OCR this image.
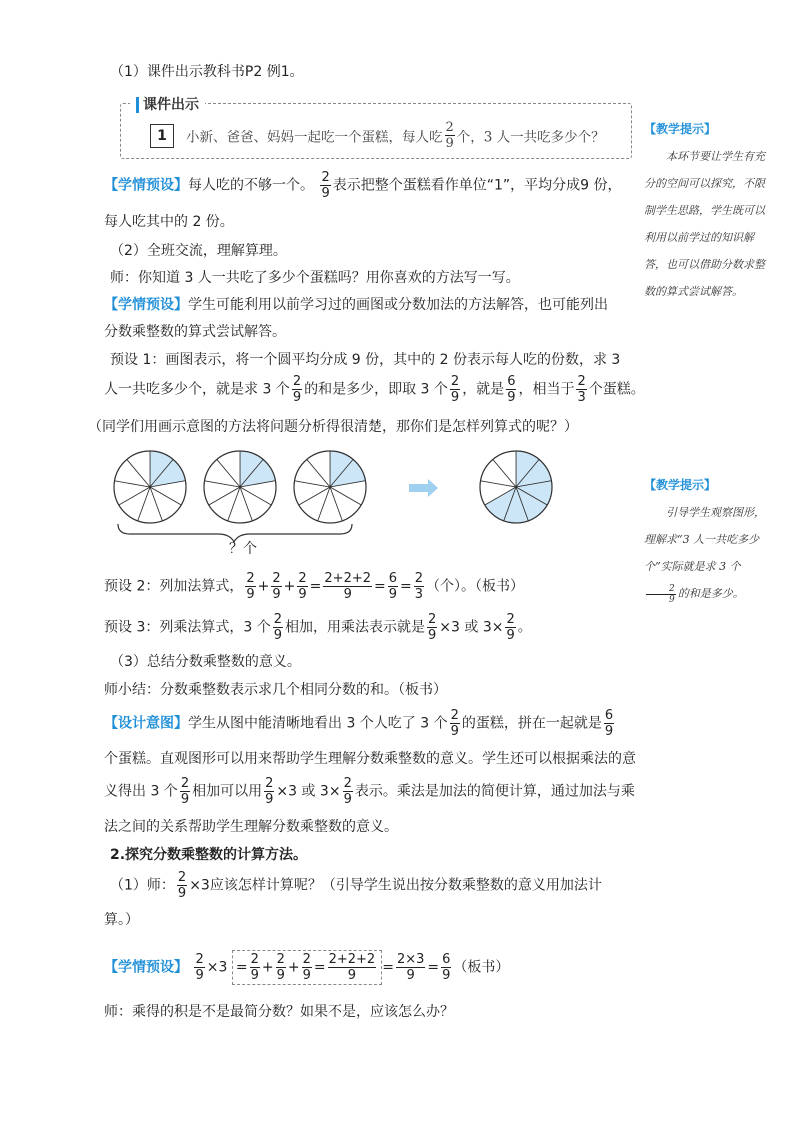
（1）课件出示教科书P2 例1。
课件出示
1	小新、爸爸、妈妈一起吃一个蛋糕，每人吃 $\frac{2}{9}$ 个，3 人一共吃多少个？
【学情预设】每人吃的不够一个。 $\frac{2}{9}$ 表示把整个蛋糕看作单位“1”，平均分成9 份，
每人吃其中的 2 份。
（2）全班交流，理解算理。
师：你知道 3 人一共吃了多少个蛋糕吗？用你喜欢的方法写一写。
【学情预设】学生可能利用以前学习过的画图或分数加法的方法解答，也可能列出
分数乘整数的算式尝试解答。
预设 1：画图表示，将一个圆平均分成 9 份，其中的 2 份表示每人吃的份数，求 3
人一共吃多少个，就是求 3 个 $\frac{2}{9}$ 的和是多少，即取 3 个 $\frac{2}{9}$ ，就是 $\frac{6}{9}$ ，相当于 $\frac{2}{3}$ 个蛋糕。
（同学们用画示意图的方法将问题分析得很清楚，那你们是怎样列算式的呢？）
？个
预设 2：列加法算式， $\frac{2}{9} + \frac{2}{9} + \frac{2}{9} = \frac{2+2+2}{9} = \frac{6}{9} = \frac{2}{3}$ （个）。（板书）
预设 3：列乘法算式，3 个 $\frac{2}{9}$ 相加，用乘法表示就是 $\frac{2}{9} \times 3$ 或 $3\times \frac{2}{9}$ 。
（3）总结分数乘整数的意义。
师小结：分数乘整数表示求几个相同分数的和。（板书）
【设计意图】学生从图中能清晰地看出 3 个人吃了 3 个 $\frac{2}{9}$ 的蛋糕，拼在一起就是 $\frac{6}{9}$
个蛋糕。直观图形可以用来帮助学生理解分数乘整数的意义。学生还可以根据乘法的意
义得出 3 个 $\frac{2}{9}$ 相加可以用 $\frac{2}{9} \times 3$ 或 $3\times \frac{2}{9}$ 表示。乘法是加法的简便计算，通过加法与乘
法之间的关系帮助学生理解分数乘整数的意义。
2.探究分数乘整数的计算方法。
（1）师： $\frac{2}{9} \times 3$应该怎样计算呢？（引导学生说出按分数乘整数的意义用加法计
算。）
【学情预设】 $\frac{2}{9} \times 3 = \frac{2}{9} + \frac{2}{9} + \frac{2}{9} = \frac{2+2+2}{9} = \frac{2\times 3}{9} = \frac{6}{9}$ （板书）
师：乘得的积是不是最简分数？如果不是，应该怎么办？
【教学提示】
本环节要让学生有充分的空间可以探究，不限制学生思路，学生既可以利用以前学过的知识解答，也可以借助分数求整数的算式尝试解答。
【教学提示】
引导学生观察图形，理解求“3 人一共吃多少个”实际就是求 3 个
$\frac{2}{9}$ 的和是多少。
